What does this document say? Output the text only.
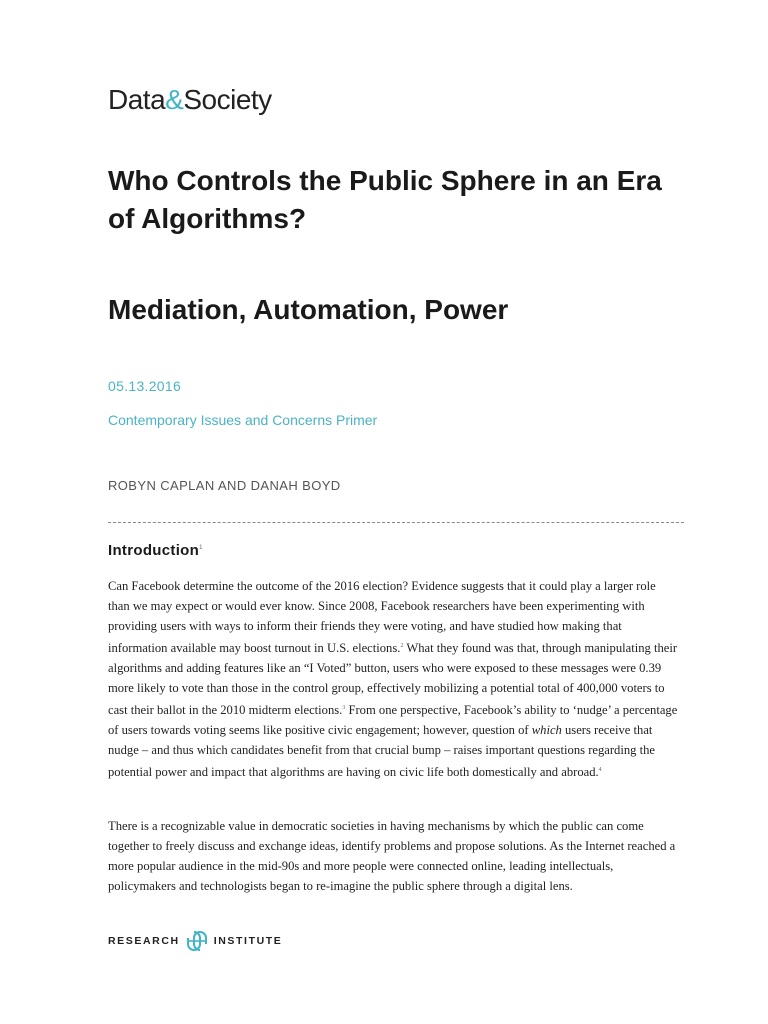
Data&Society
Who Controls the Public Sphere in an Era of Algorithms?
Mediation, Automation, Power
05.13.2016
Contemporary Issues and Concerns Primer
ROBYN CAPLAN AND DANAH BOYD
Introduction$^1$

Can Facebook determine the outcome of the 2016 election? Evidence suggests that it could play a larger role than we may expect or would ever know. Since 2008, Facebook researchers have been experimenting with providing users with ways to inform their friends they were voting, and have studied how making that information available may boost turnout in U.S. elections.$^2$ What they found was that, through manipulating their algorithms and adding features like an “I Voted” button, users who were exposed to these messages were 0.39 more likely to vote than those in the control group, effectively mobilizing a potential total of 400,000 voters to cast their ballot in the 2010 midterm elections.$^3$ From one perspective, Facebook’s ability to ‘nudge’ a percentage of users towards voting seems like positive civic engagement; however, question of which users receive that nudge – and thus which candidates benefit from that crucial bump – raises important questions regarding the potential power and impact that algorithms are having on civic life both domestically and abroad.$^4$

There is a recognizable value in democratic societies in having mechanisms by which the public can come together to freely discuss and exchange ideas, identify problems and propose solutions. As the Internet reached a more popular audience in the mid-90s and more people were connected online, leading intellectuals, policymakers and technologists began to re-imagine the public sphere through a digital lens.

RESEARCH	INSTITUTE
